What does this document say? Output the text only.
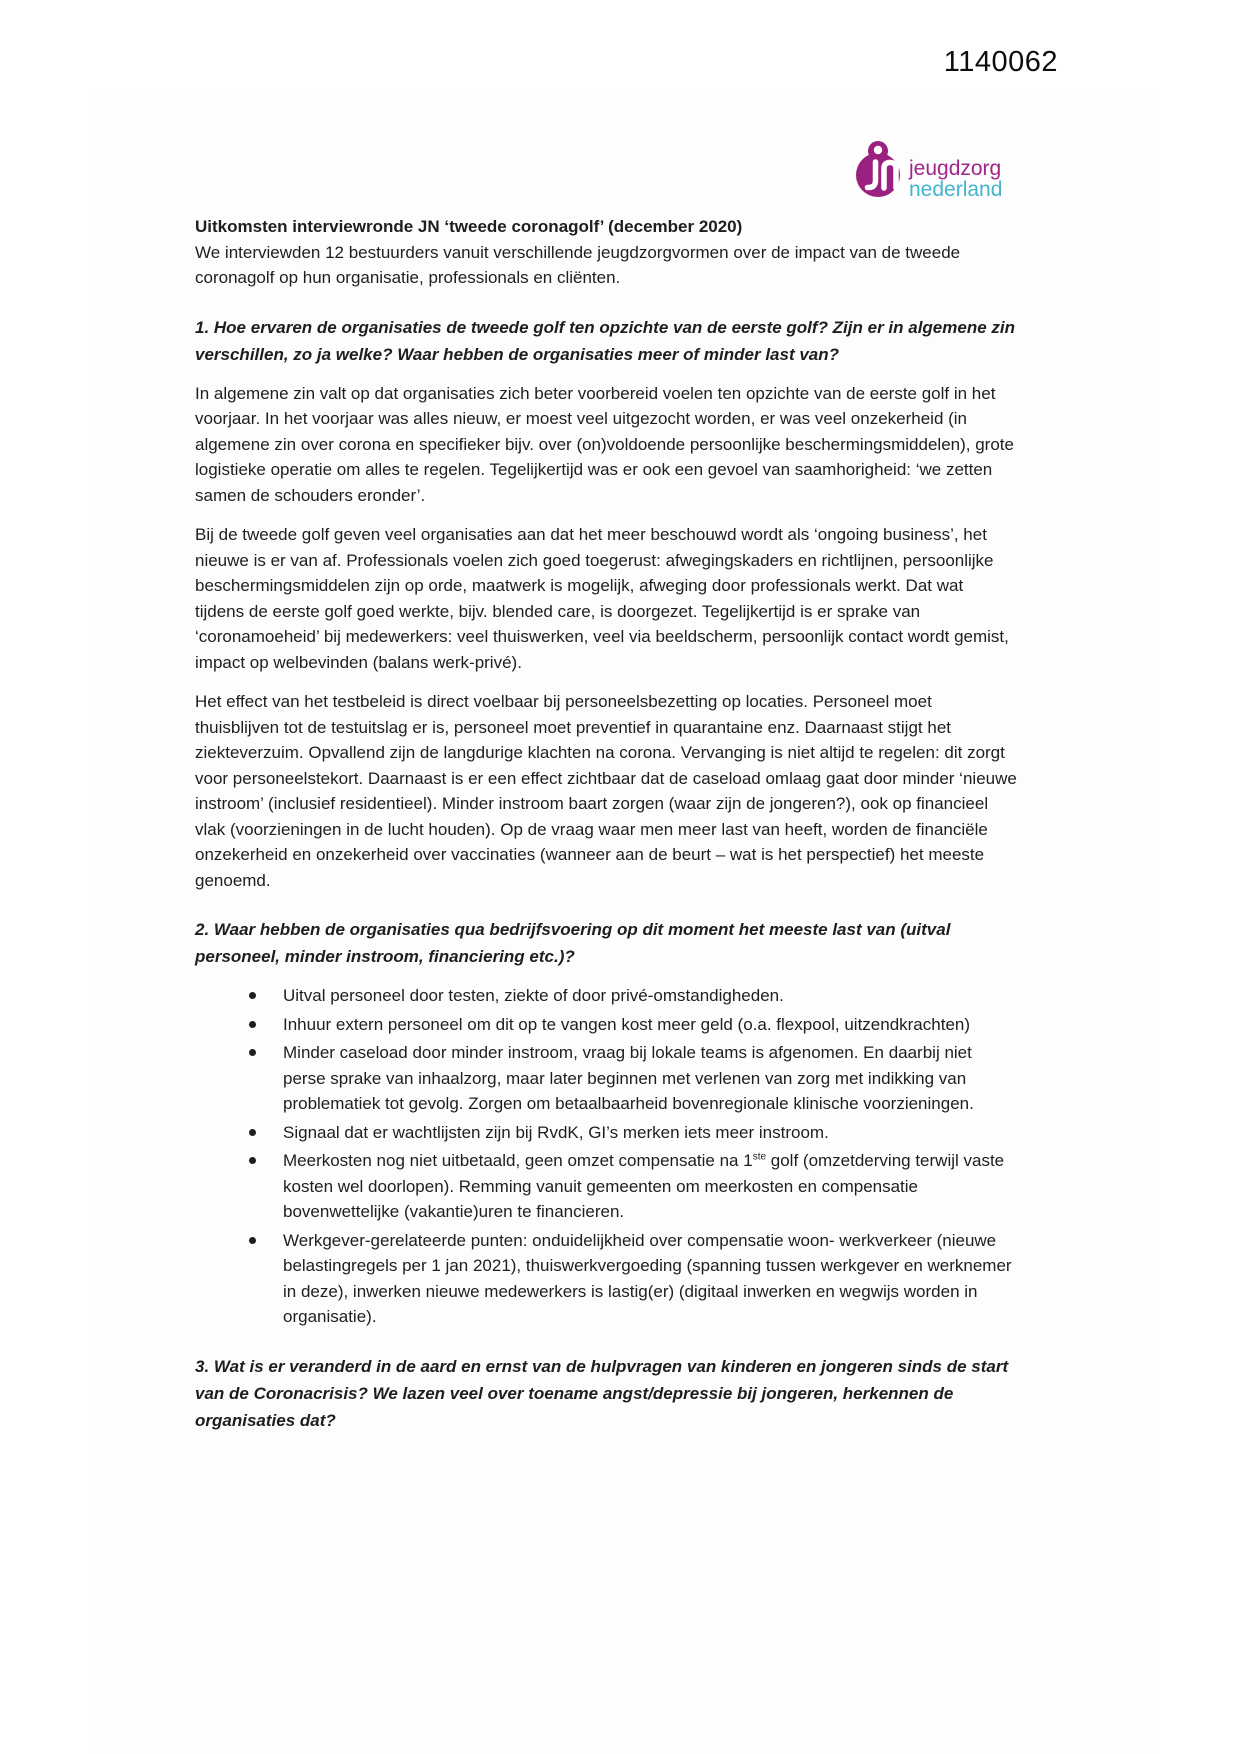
1140062
jeugdzorg
nederland

Uitkomsten interviewronde JN ‘tweede coronagolf’ (december 2020)

We interviewden 12 bestuurders vanuit verschillende jeugdzorgvormen over de impact van de tweede coronagolf op hun organisatie, professionals en cliënten.

1. Hoe ervaren de organisaties de tweede golf ten opzichte van de eerste golf? Zijn er in algemene zin verschillen, zo ja welke? Waar hebben de organisaties meer of minder last van?

In algemene zin valt op dat organisaties zich beter voorbereid voelen ten opzichte van de eerste golf in het voorjaar. In het voorjaar was alles nieuw, er moest veel uitgezocht worden, er was veel onzekerheid (in algemene zin over corona en specifieker bijv. over (on)voldoende persoonlijke beschermingsmiddelen), grote logistieke operatie om alles te regelen. Tegelijkertijd was er ook een gevoel van saamhorigheid: ‘we zetten samen de schouders eronder’.

Bij de tweede golf geven veel organisaties aan dat het meer beschouwd wordt als ‘ongoing business’, het nieuwe is er van af. Professionals voelen zich goed toegerust: afwegingskaders en richtlijnen, persoonlijke beschermingsmiddelen zijn op orde, maatwerk is mogelijk, afweging door professionals werkt. Dat wat tijdens de eerste golf goed werkte, bijv. blended care, is doorgezet. Tegelijkertijd is er sprake van ‘coronamoeheid’ bij medewerkers: veel thuiswerken, veel via beeldscherm, persoonlijk contact wordt gemist, impact op welbevinden (balans werk-privé).

Het effect van het testbeleid is direct voelbaar bij personeelsbezetting op locaties. Personeel moet thuisblijven tot de testuitslag er is, personeel moet preventief in quarantaine enz. Daarnaast stijgt het ziekteverzuim. Opvallend zijn de langdurige klachten na corona. Vervanging is niet altijd te regelen: dit zorgt voor personeelstekort. Daarnaast is er een effect zichtbaar dat de caseload omlaag gaat door minder ‘nieuwe instroom’ (inclusief residentieel). Minder instroom baart zorgen (waar zijn de jongeren?), ook op financieel vlak (voorzieningen in de lucht houden). Op de vraag waar men meer last van heeft, worden de financiële onzekerheid en onzekerheid over vaccinaties (wanneer aan de beurt – wat is het perspectief) het meeste genoemd.

2. Waar hebben de organisaties qua bedrijfsvoering op dit moment het meeste last van (uitval personeel, minder instroom, financiering etc.)?

Uitval personeel door testen, ziekte of door privé-omstandigheden.
Inhuur extern personeel om dit op te vangen kost meer geld (o.a. flexpool, uitzendkrachten)
Minder caseload door minder instroom, vraag bij lokale teams is afgenomen. En daarbij niet perse sprake van inhaalzorg, maar later beginnen met verlenen van zorg met indikking van problematiek tot gevolg. Zorgen om betaalbaarheid bovenregionale klinische voorzieningen.
Signaal dat er wachtlijsten zijn bij RvdK, GI’s merken iets meer instroom.
Meerkosten nog niet uitbetaald, geen omzet compensatie na 1ste golf (omzetderving terwijl vaste kosten wel doorlopen). Remming vanuit gemeenten om meerkosten en compensatie bovenwettelijke (vakantie)uren te financieren.
Werkgever-gerelateerde punten: onduidelijkheid over compensatie woon- werkverkeer (nieuwe belastingregels per 1 jan 2021), thuiswerkvergoeding (spanning tussen werkgever en werknemer in deze), inwerken nieuwe medewerkers is lastig(er) (digitaal inwerken en wegwijs worden in organisatie).

3. Wat is er veranderd in de aard en ernst van de hulpvragen van kinderen en jongeren sinds de start van de Coronacrisis? We lazen veel over toename angst/depressie bij jongeren, herkennen de organisaties dat?
